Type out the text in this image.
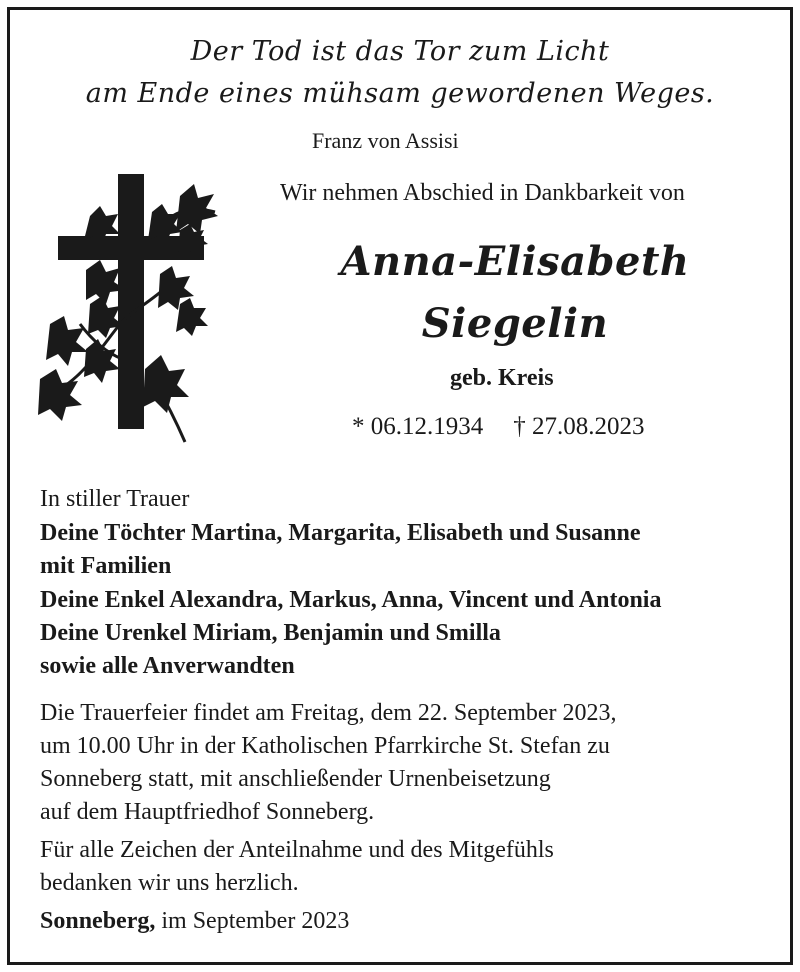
Der Tod ist das Tor zum Licht
am Ende eines mühsam gewordenen Weges.
Franz von Assisi
Wir nehmen Abschied in Dankbarkeit von
Anna-Elisabeth
Siegelin
geb. Kreis
* 06.12.1934 † 27.08.2023
In stiller Trauer
Deine Töchter Martina, Margarita, Elisabeth und Susanne
mit Familien
Deine Enkel Alexandra, Markus, Anna, Vincent und Antonia
Deine Urenkel Miriam, Benjamin und Smilla
sowie alle Anverwandten
Die Trauerfeier findet am Freitag, dem 22. September 2023,
um 10.00 Uhr in der Katholischen Pfarrkirche St. Stefan zu
Sonneberg statt, mit anschließender Urnenbeisetzung
auf dem Hauptfriedhof Sonneberg.
Für alle Zeichen der Anteilnahme und des Mitgefühls
bedanken wir uns herzlich.
Sonneberg, im September 2023
